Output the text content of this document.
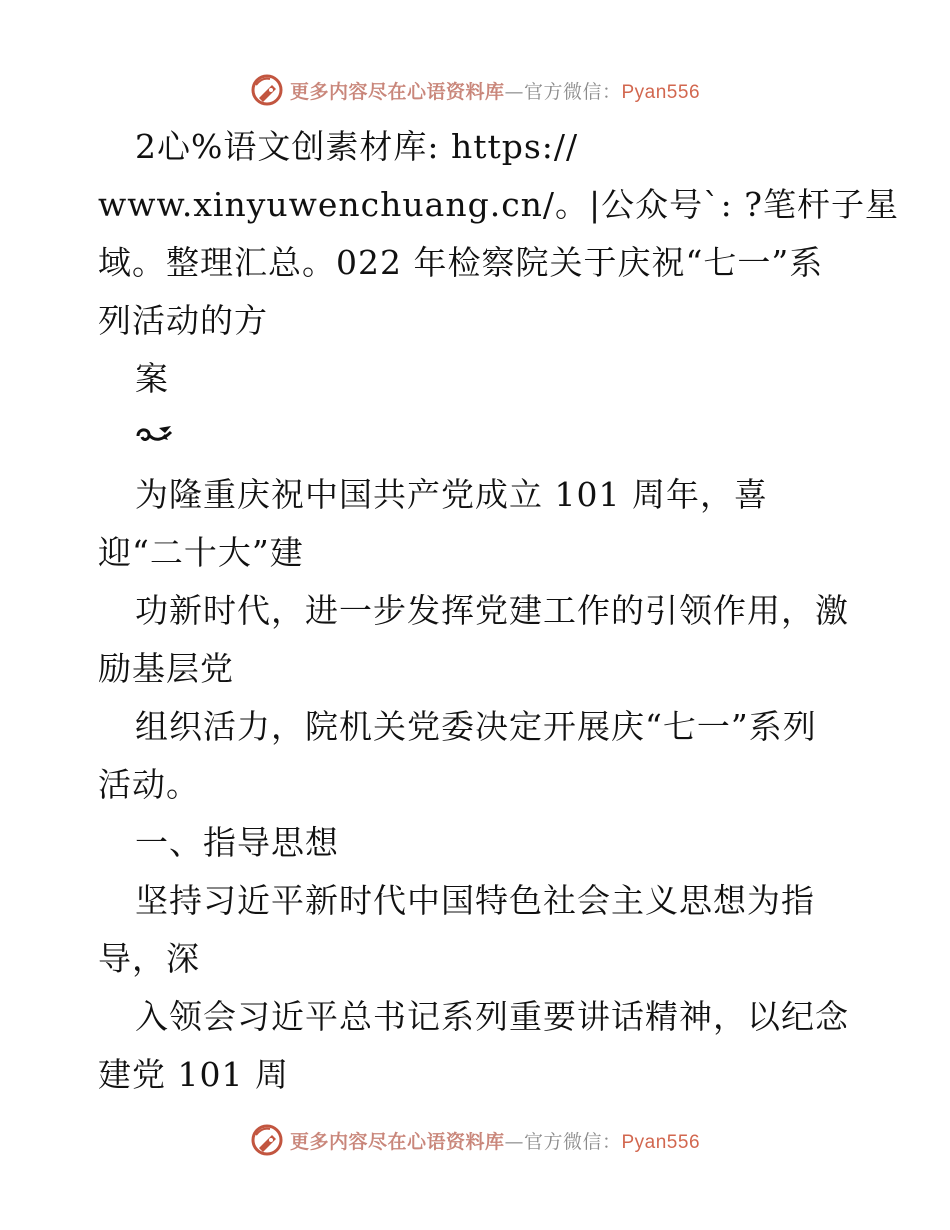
更多内容尽在心语资料库—官方微信：Pyan556
2心%语文创素材库: https://
www.xinyuwenchuang.cn/。|公众号`: ?笔杆子星
域。整理汇总。022 年检察院关于庆祝“七一”系
列活动的方
案
为隆重庆祝中国共产党成立 101 周年，喜
迎“二十大”建
功新时代，进一步发挥党建工作的引领作用，激
励基层党
组织活力，院机关党委决定开展庆“七一”系列
活动。
一、指导思想
坚持习近平新时代中国特色社会主义思想为指
导，深
入领会习近平总书记系列重要讲话精神，以纪念
建党 101 周
更多内容尽在心语资料库—官方微信：Pyan556
